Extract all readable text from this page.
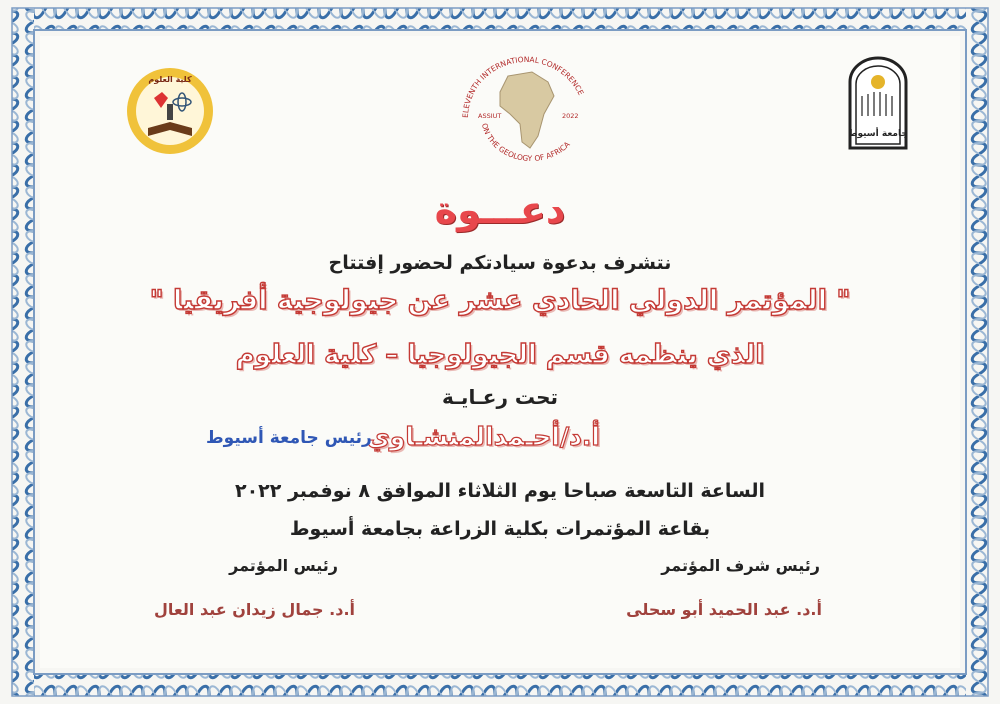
كلية العلوم
ELEVENTH INTERNATIONAL CONFERENCE
ON THE GEOLOGY OF AFRICA
ASSIUT	2022
جامعة أسيوط
دعـــوة
نتشرف بدعوة سيادتكم لحضور إفتتاح
" المؤتمر الدولي الحادي عشر عن جيولوجية أفريقيا "
الذي ينظمه قسم الجيولوجيا – كلية العلوم
تحت رعـايـة
أ.د/أحـمدالمنشـاوي
رئيس جامعة أسيوط
الساعة التاسعة صباحا يوم الثلاثاء الموافق ٨ نوفمبر ٢٠٢٢
بقاعة المؤتمرات بكلية الزراعة بجامعة أسيوط
رئيس شرف المؤتمر
أ.د. عبد الحميد أبو سحلى
رئيس المؤتمر
أ.د. جمال زيدان عبد العال
